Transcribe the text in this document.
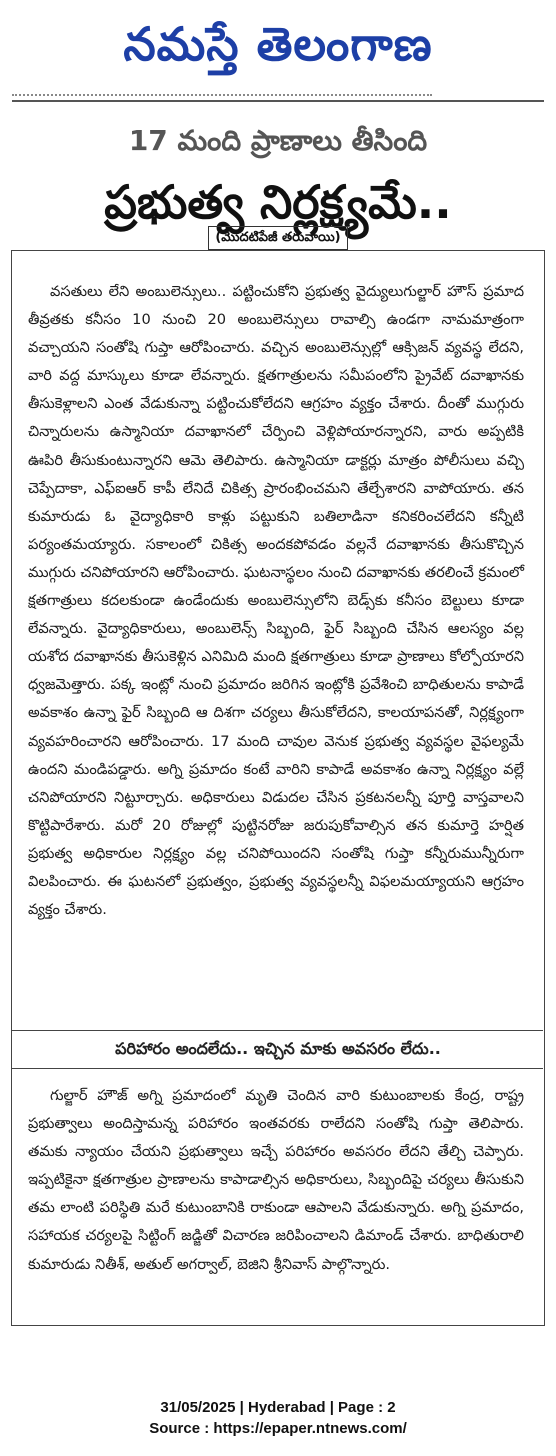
నమస్తే తెలంగాణ
17 మంది ప్రాణాలు తీసింది
ప్రభుత్వ నిర్లక్ష్యమే..
(మొదటిపేజీ తరువాయి)
వసతులు లేని అంబులెన్సులు.. పట్టించుకోని ప్రభుత్వ వైద్యులుగుల్జార్ హౌస్ ప్రమాద తీవ్రతకు కనీసం 10 నుంచి 20 అంబులెన్సులు రావాల్సి ఉండగా నామమాత్రంగా వచ్చాయని సంతోషి గుప్తా ఆరోపించారు. వచ్చిన అంబులెన్సుల్లో ఆక్సిజన్ వ్యవస్థ లేదని, వారి వద్ద మాస్కులు కూడా లేవన్నారు. క్షతగాత్రులను సమీపంలోని ప్రైవేట్ దవాఖానకు తీసుకెళ్లాలని ఎంత వేడుకున్నా పట్టించుకోలేదని ఆగ్రహం వ్యక్తం చేశారు. దీంతో ముగ్గురు చిన్నారులను ఉస్మానియా దవాఖానలో చేర్పించి వెళ్లిపోయారన్నారని, వారు అప్పటికి ఊపిరి తీసుకుంటున్నారని ఆమె తెలిపారు. ఉస్మానియా డాక్టర్లు మాత్రం పోలీసులు వచ్చి చెప్పేదాకా, ఎఫ్ఐఆర్ కాపీ లేనిదే చికిత్స ప్రారంభించమని తేల్చేశారని వాపోయారు. తన కుమారుడు ఓ వైద్యాధికారి కాళ్లు పట్టుకుని బతిలాడినా కనికరించలేదని కన్నీటి పర్యంతమయ్యారు. సకాలంలో చికిత్స అందకపోవడం వల్లనే దవాఖానకు తీసుకొచ్చిన ముగ్గురు చనిపోయారని ఆరోపించారు. ఘటనాస్థలం నుంచి దవాఖానకు తరలించే క్రమంలో క్షతగాత్రులు కదలకుండా ఉండేందుకు అంబులెన్సులోని బెడ్స్‌కు కనీసం బెల్టులు కూడా లేవన్నారు. వైద్యాధికారులు, అంబులెన్స్ సిబ్బంది, ఫైర్ సిబ్బంది చేసిన ఆలస్యం వల్ల యశోద దవాఖానకు తీసుకెళ్లిన ఎనిమిది మంది క్షతగాత్రులు కూడా ప్రాణాలు కోల్పోయారని ధ్వజమెత్తారు. పక్క ఇంట్లో నుంచి ప్రమాదం జరిగిన ఇంట్లోకి ప్రవేశించి బాధితులను కాపాడే అవకాశం ఉన్నా ఫైర్ సిబ్బంది ఆ దిశగా చర్యలు తీసుకోలేదని, కాలయాపనతో, నిర్లక్ష్యంగా వ్యవహరించారని ఆరోపించారు. 17 మంది చావుల వెనుక ప్రభుత్వ వ్యవస్థల వైఫల్యమే ఉందని మండిపడ్డారు. అగ్ని ప్రమాదం కంటే వారిని కాపాడే అవకాశం ఉన్నా నిర్లక్ష్యం వల్లే చనిపోయారని నిట్టూర్చారు. అధికారులు విడుదల చేసిన ప్రకటనలన్నీ పూర్తి వాస్తవాలని కొట్టిపారేశారు. మరో 20 రోజుల్లో పుట్టినరోజు జరుపుకోవాల్సిన తన కుమార్తె హర్షిత ప్రభుత్వ అధికారుల నిర్లక్ష్యం వల్ల చనిపోయిందని సంతోషి గుప్తా కన్నీరుమున్నీరుగా విలపించారు. ఈ ఘటనలో ప్రభుత్వం, ప్రభుత్వ వ్యవస్థలన్నీ విఫలమయ్యాయని ఆగ్రహం వ్యక్తం చేశారు.
పరిహారం అందలేదు.. ఇచ్చిన మాకు అవసరం లేదు..
గుల్జార్ హౌజ్ అగ్ని ప్రమాదంలో మృతి చెందిన వారి కుటుంబాలకు కేంద్ర, రాష్ట్ర ప్రభుత్వాలు అందిస్తామన్న పరిహారం ఇంతవరకు రాలేదని సంతోషి గుప్తా తెలిపారు. తమకు న్యాయం చేయని ప్రభుత్వాలు ఇచ్చే పరిహారం అవసరం లేదని తేల్చి చెప్పారు. ఇప్పటికైనా క్షతగాత్రుల ప్రాణాలను కాపాడాల్సిన అధికారులు, సిబ్బందిపై చర్యలు తీసుకుని తమ లాంటి పరిస్థితి మరే కుటుంబానికి రాకుండా ఆపాలని వేడుకున్నారు. అగ్ని ప్రమాదం, సహాయక చర్యలపై సిట్టింగ్ జడ్జితో విచారణ జరిపించాలని డిమాండ్ చేశారు. బాధితురాలి కుమారుడు నితీశ్, అతుల్ అగర్వాల్, బెజిని శ్రీనివాస్ పాల్గొన్నారు.
31/05/2025 | Hyderabad | Page : 2
Source : https://epaper.ntnews.com/
